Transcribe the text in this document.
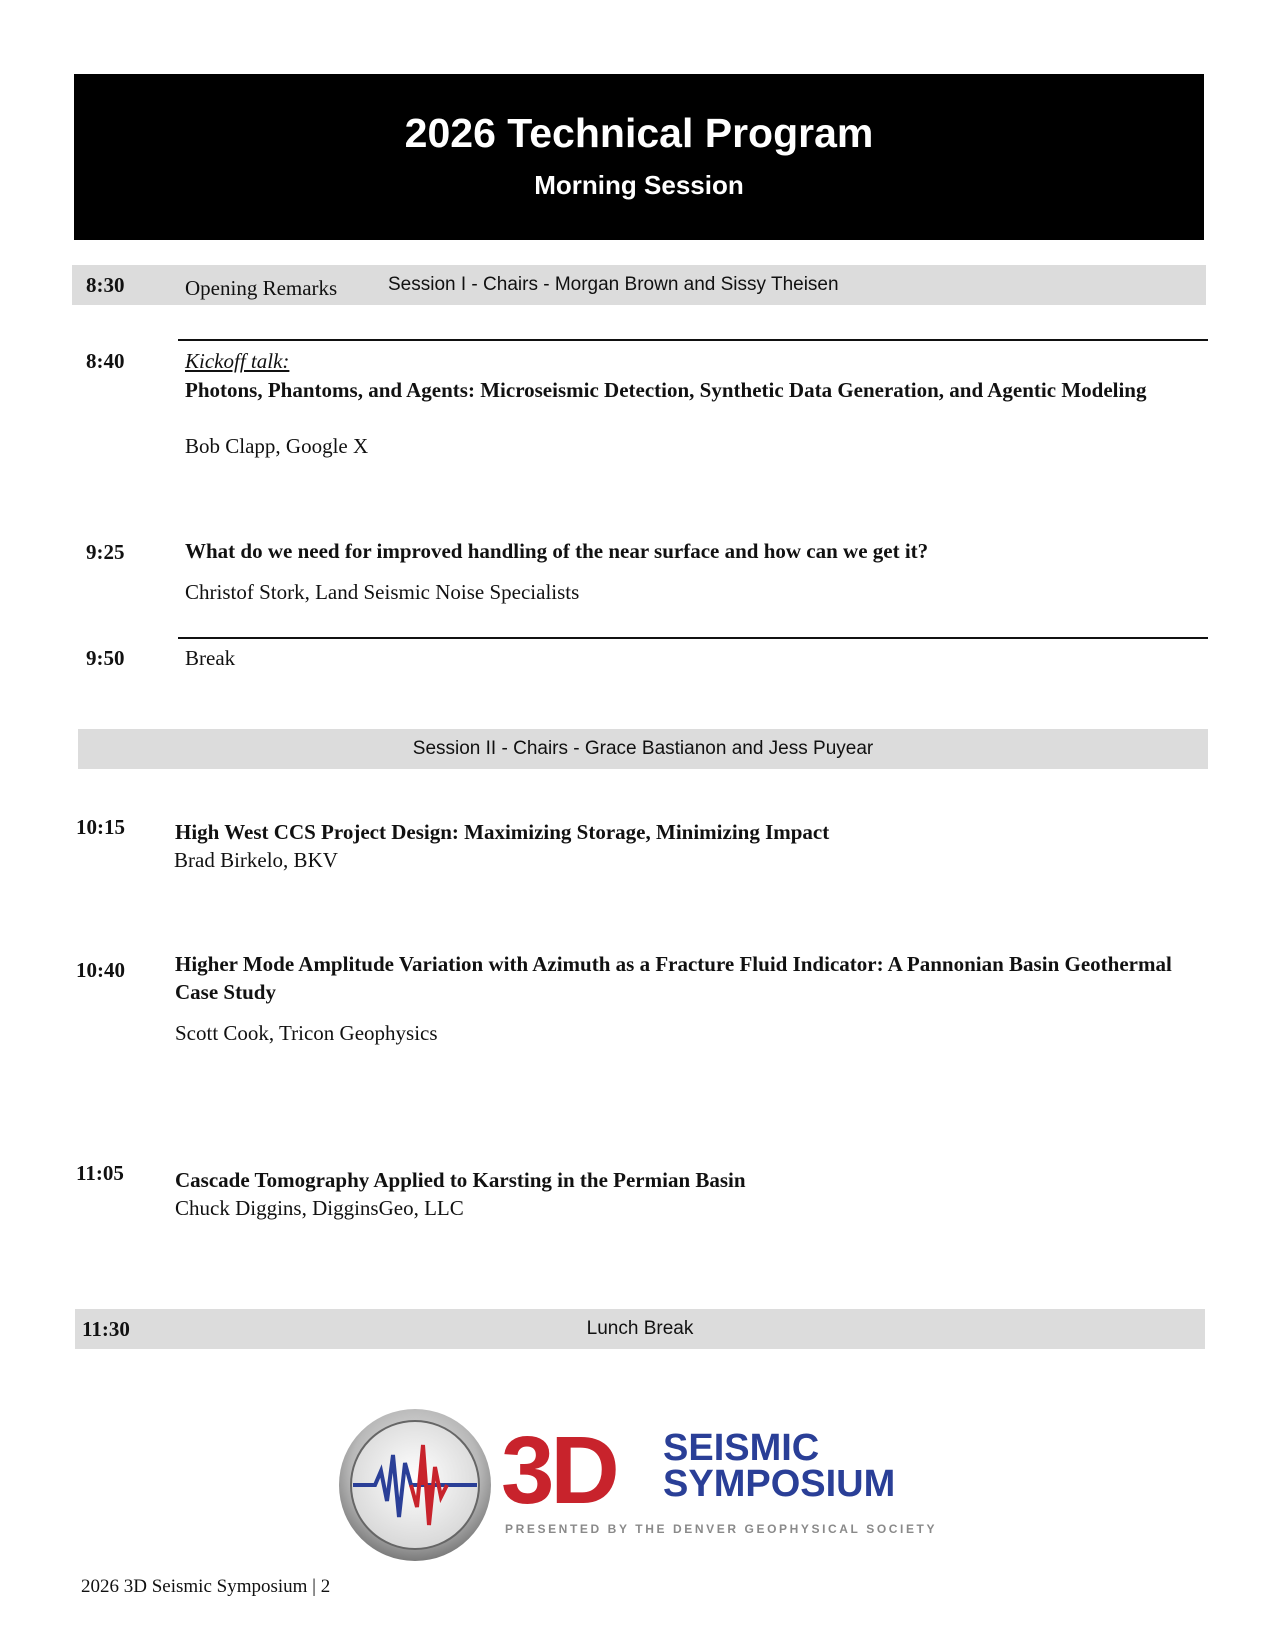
2026 Technical Program
Morning Session
8:30	Opening Remarks	Session I - Chairs - Morgan Brown and Sissy Theisen
8:40	Kickoff talk:
Photons, Phantoms, and Agents: Microseismic Detection, Synthetic Data Generation, and Agentic Modeling
Bob Clapp, Google X
9:25	What do we need for improved handling of the near surface and how can we get it?
Christof Stork, Land Seismic Noise Specialists
9:50	Break
Session II - Chairs - Grace Bastianon and Jess Puyear
10:15 High West CCS Project Design: Maximizing Storage, Minimizing Impact
Brad Birkelo, BKV
10:40 Higher Mode Amplitude Variation with Azimuth as a Fracture Fluid Indicator: A Pannonian Basin Geothermal Case Study
Scott Cook, Tricon Geophysics
11:05 Cascade Tomography Applied to Karsting in the Permian Basin
Chuck Diggins, DigginsGeo, LLC
11:30	Lunch Break
3D SEISMIC
SYMPOSIUM
PRESENTED BY THE DENVER GEOPHYSICAL SOCIETY
2026 3D Seismic Symposium | 2
